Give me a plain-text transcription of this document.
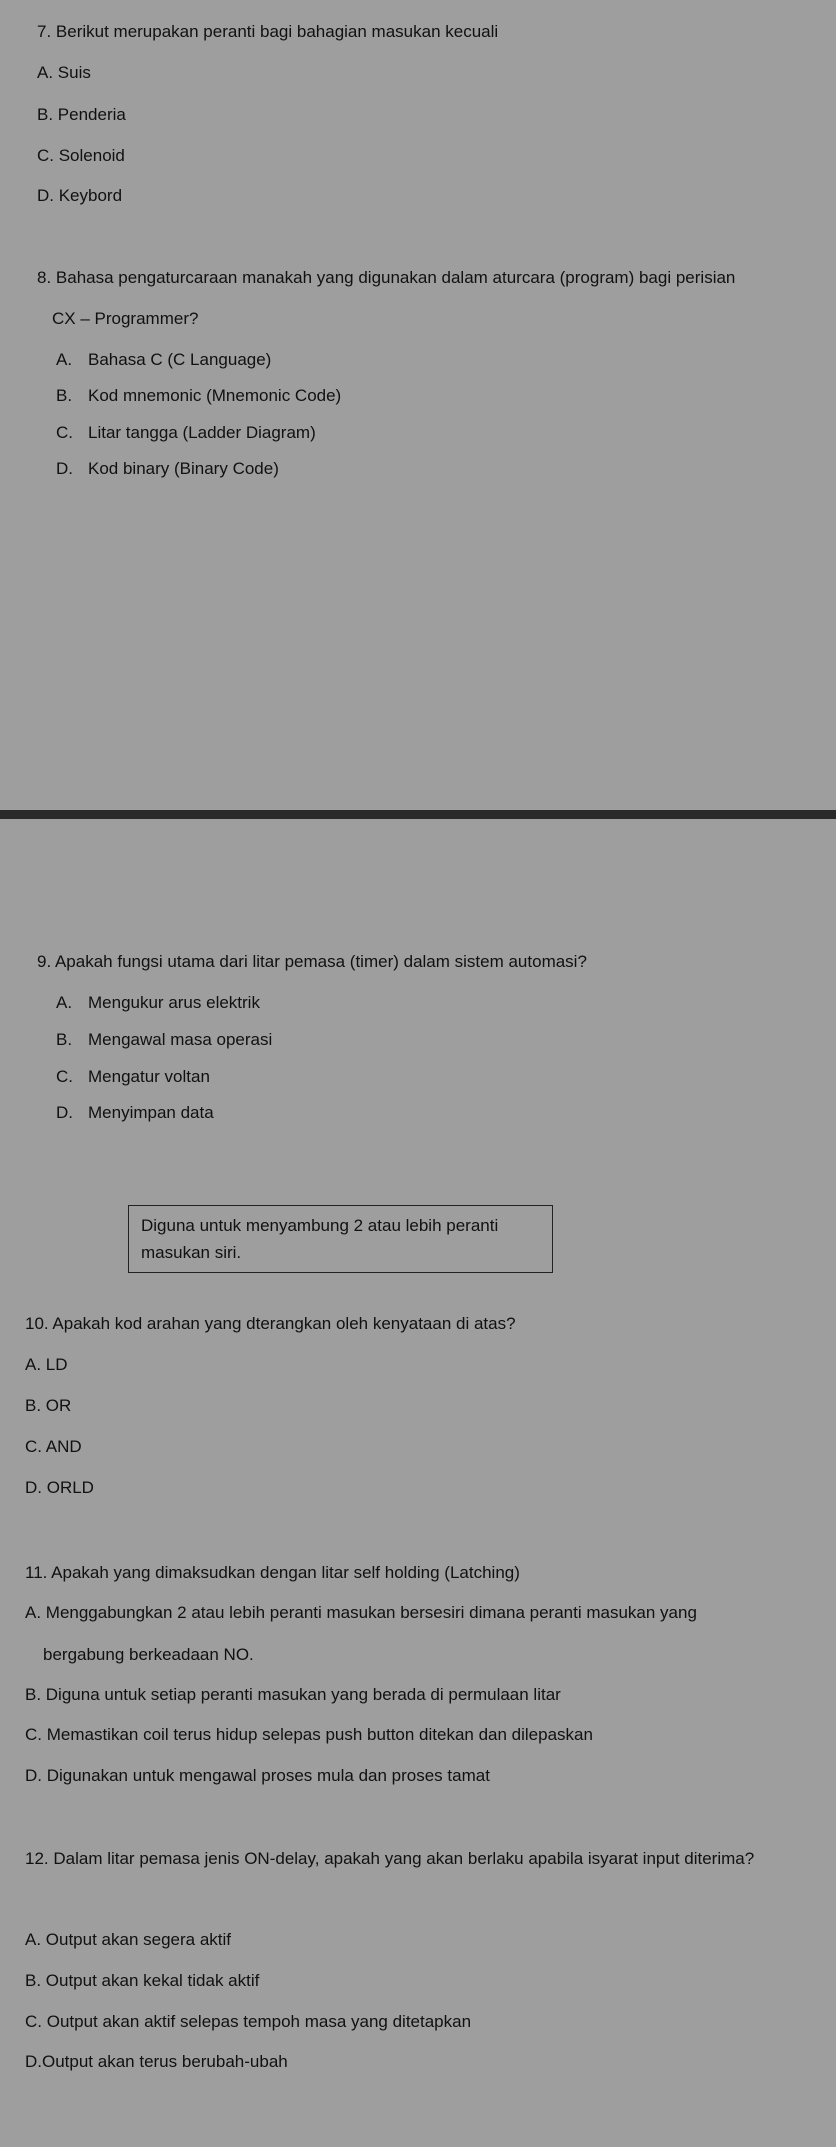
7. Berikut merupakan peranti bagi bahagian masukan kecuali
A. Suis
B. Penderia
C. Solenoid
D. Keybord
8. Bahasa pengaturcaraan manakah yang digunakan dalam aturcara (program) bagi perisian
CX – Programmer?
A. Bahasa C (C Language)
B. Kod mnemonic (Mnemonic Code)
C. Litar tangga (Ladder Diagram)
D. Kod binary (Binary Code)
9. Apakah fungsi utama dari litar pemasa (timer) dalam sistem automasi?
A. Mengukur arus elektrik
B. Mengawal masa operasi
C. Mengatur voltan
D. Menyimpan data
Diguna untuk menyambung 2 atau lebih peranti
masukan siri.
10. Apakah kod arahan yang dterangkan oleh kenyataan di atas?
A. LD
B. OR
C. AND
D. ORLD
11. Apakah yang dimaksudkan dengan litar self holding (Latching)
A. Menggabungkan 2 atau lebih peranti masukan bersesiri dimana peranti masukan yang
bergabung berkeadaan NO.
B. Diguna untuk setiap peranti masukan yang berada di permulaan litar
C. Memastikan coil terus hidup selepas push button ditekan dan dilepaskan
D. Digunakan untuk mengawal proses mula dan proses tamat
12. Dalam litar pemasa jenis ON-delay, apakah yang akan berlaku apabila isyarat input diterima?
A. Output akan segera aktif
B. Output akan kekal tidak aktif
C. Output akan aktif selepas tempoh masa yang ditetapkan
D.Output akan terus berubah-ubah
